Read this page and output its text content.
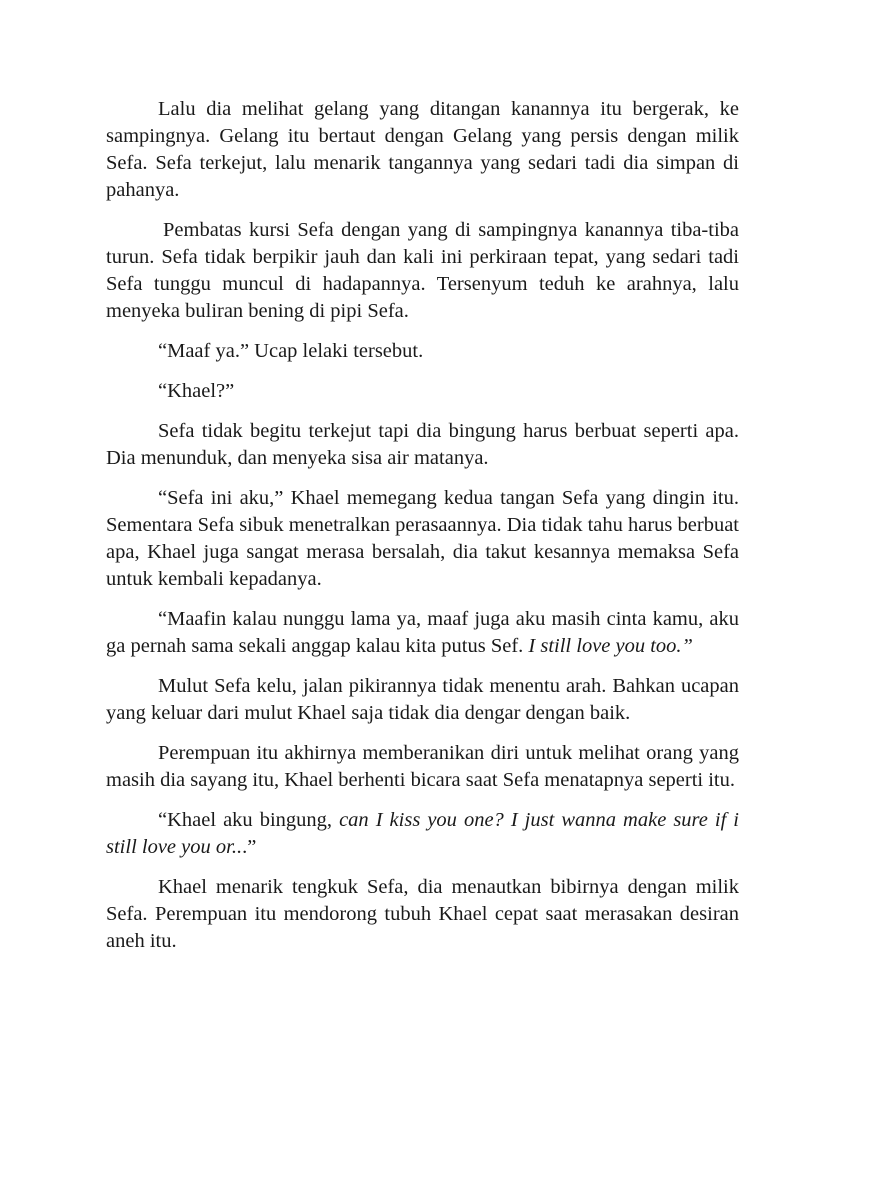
Lalu dia melihat gelang yang ditangan kanannya itu bergerak, ke sampingnya. Gelang itu bertaut dengan Gelang yang persis dengan milik Sefa. Sefa terkejut, lalu menarik tangannya yang sedari tadi dia simpan di pahanya.

Pembatas kursi Sefa dengan yang di sampingnya kanannya tiba-tiba turun. Sefa tidak berpikir jauh dan kali ini perkiraan tepat, yang sedari tadi Sefa tunggu muncul di hadapannya. Tersenyum teduh ke arahnya, lalu menyeka buliran bening di pipi Sefa.

“Maaf ya.” Ucap lelaki tersebut.

“Khael?”

Sefa tidak begitu terkejut tapi dia bingung harus berbuat seperti apa. Dia menunduk, dan menyeka sisa air matanya.

“Sefa ini aku,” Khael memegang kedua tangan Sefa yang dingin itu. Sementara Sefa sibuk menetralkan perasaannya. Dia tidak tahu harus berbuat apa, Khael juga sangat merasa bersalah, dia takut kesannya memaksa Sefa untuk kembali kepadanya.

“Maafin kalau nunggu lama ya, maaf juga aku masih cinta kamu, aku ga pernah sama sekali anggap kalau kita putus Sef. I still love you too.”

Mulut Sefa kelu, jalan pikirannya tidak menentu arah. Bahkan ucapan yang keluar dari mulut Khael saja tidak dia dengar dengan baik.

Perempuan itu akhirnya memberanikan diri untuk melihat orang yang masih dia sayang itu, Khael berhenti bicara saat Sefa menatapnya seperti itu.

“Khael aku bingung, can I kiss you one? I just wanna make sure if i still love you or...”

Khael menarik tengkuk Sefa, dia menautkan bibirnya dengan milik Sefa. Perempuan itu mendorong tubuh Khael cepat saat merasakan desiran aneh itu.
